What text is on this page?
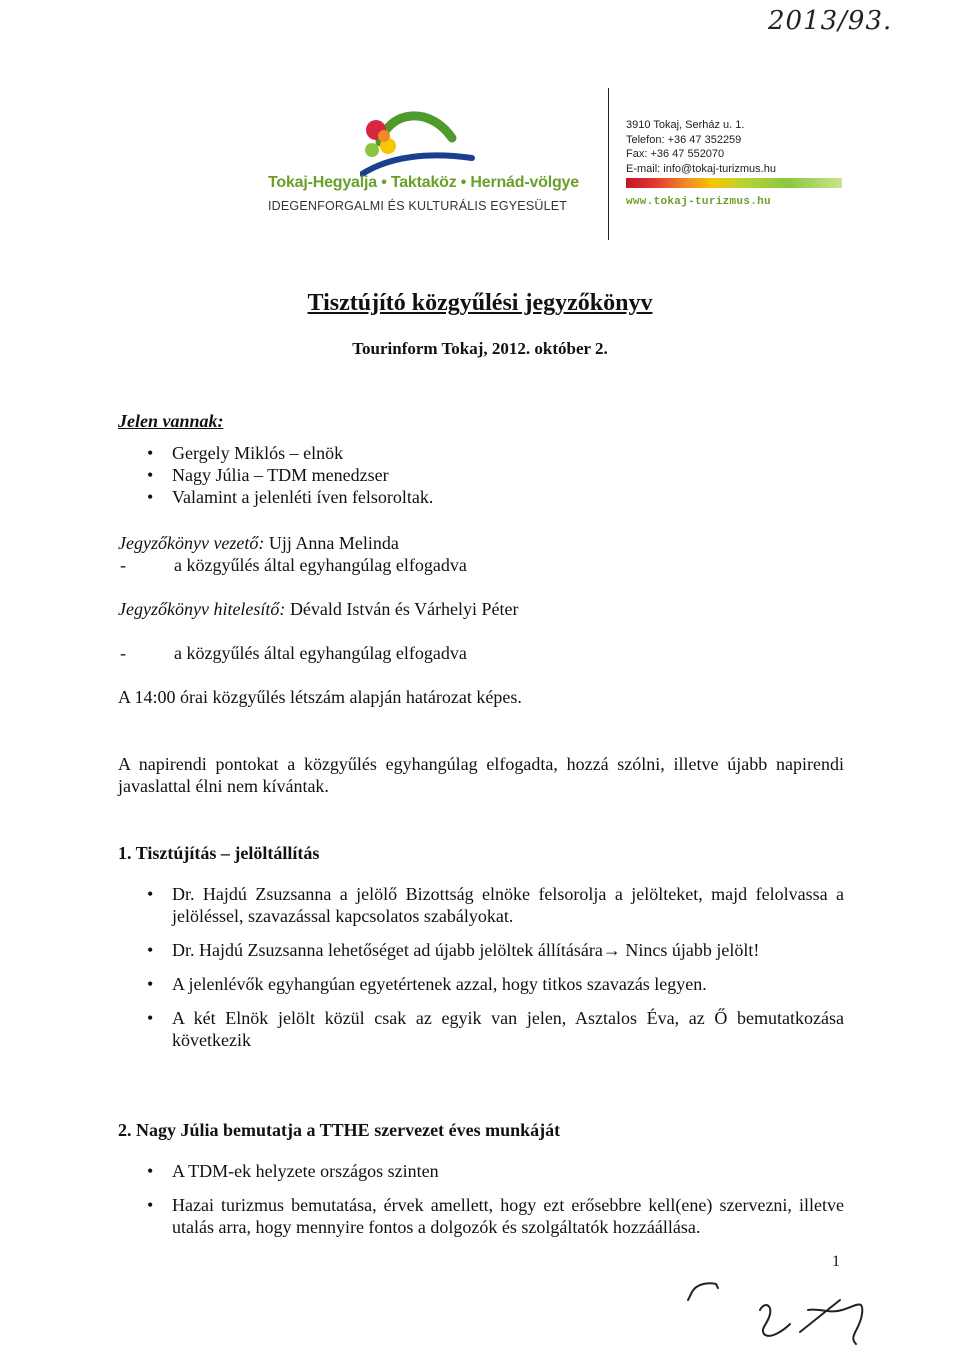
2013/93.
Tokaj-Hegyalja • Taktaköz • Hernád-völgye
IDEGENFORGALMI ÉS KULTURÁLIS EGYESÜLET
3910 Tokaj, Serház u. 1.
Telefon: +36 47 352259
Fax: +36 47 552070
E-mail: info@tokaj-turizmus.hu
www.tokaj-turizmus.hu
Tisztújító közgyűlési jegyzőkönyv
Tourinform Tokaj, 2012. október 2.
Jelen vannak:
• Gergely Miklós – elnök
• Nagy Júlia – TDM menedzser
• Valamint a jelenléti íven felsoroltak.
Jegyzőkönyv vezető: Ujj Anna Melinda
- a közgyűlés által egyhangúlag elfogadva
Jegyzőkönyv hitelesítő: Dévald István és Várhelyi Péter
- a közgyűlés által egyhangúlag elfogadva
A 14:00 órai közgyűlés létszám alapján határozat képes.
A napirendi pontokat a közgyűlés egyhangúlag elfogadta, hozzá szólni, illetve újabb napirendi javaslattal élni nem kívántak.
1. Tisztújítás – jelöltállítás
• Dr. Hajdú Zsuzsanna a jelölő Bizottság elnöke felsorolja a jelölteket, majd felolvassa a jelöléssel, szavazással kapcsolatos szabályokat.
• Dr. Hajdú Zsuzsanna lehetőséget ad újabb jelöltek állítására→ Nincs újabb jelölt!
• A jelenlévők egyhangúan egyetértenek azzal, hogy titkos szavazás legyen.
• A két Elnök jelölt közül csak az egyik van jelen, Asztalos Éva, az Ő bemutatkozása következik
2. Nagy Júlia bemutatja a TTHE szervezet éves munkáját
• A TDM-ek helyzete országos szinten
• Hazai turizmus bemutatása, érvek amellett, hogy ezt erősebbre kell(ene) szervezni, illetve utalás arra, hogy mennyire fontos a dolgozók és szolgáltatók hozzáállása.
1
